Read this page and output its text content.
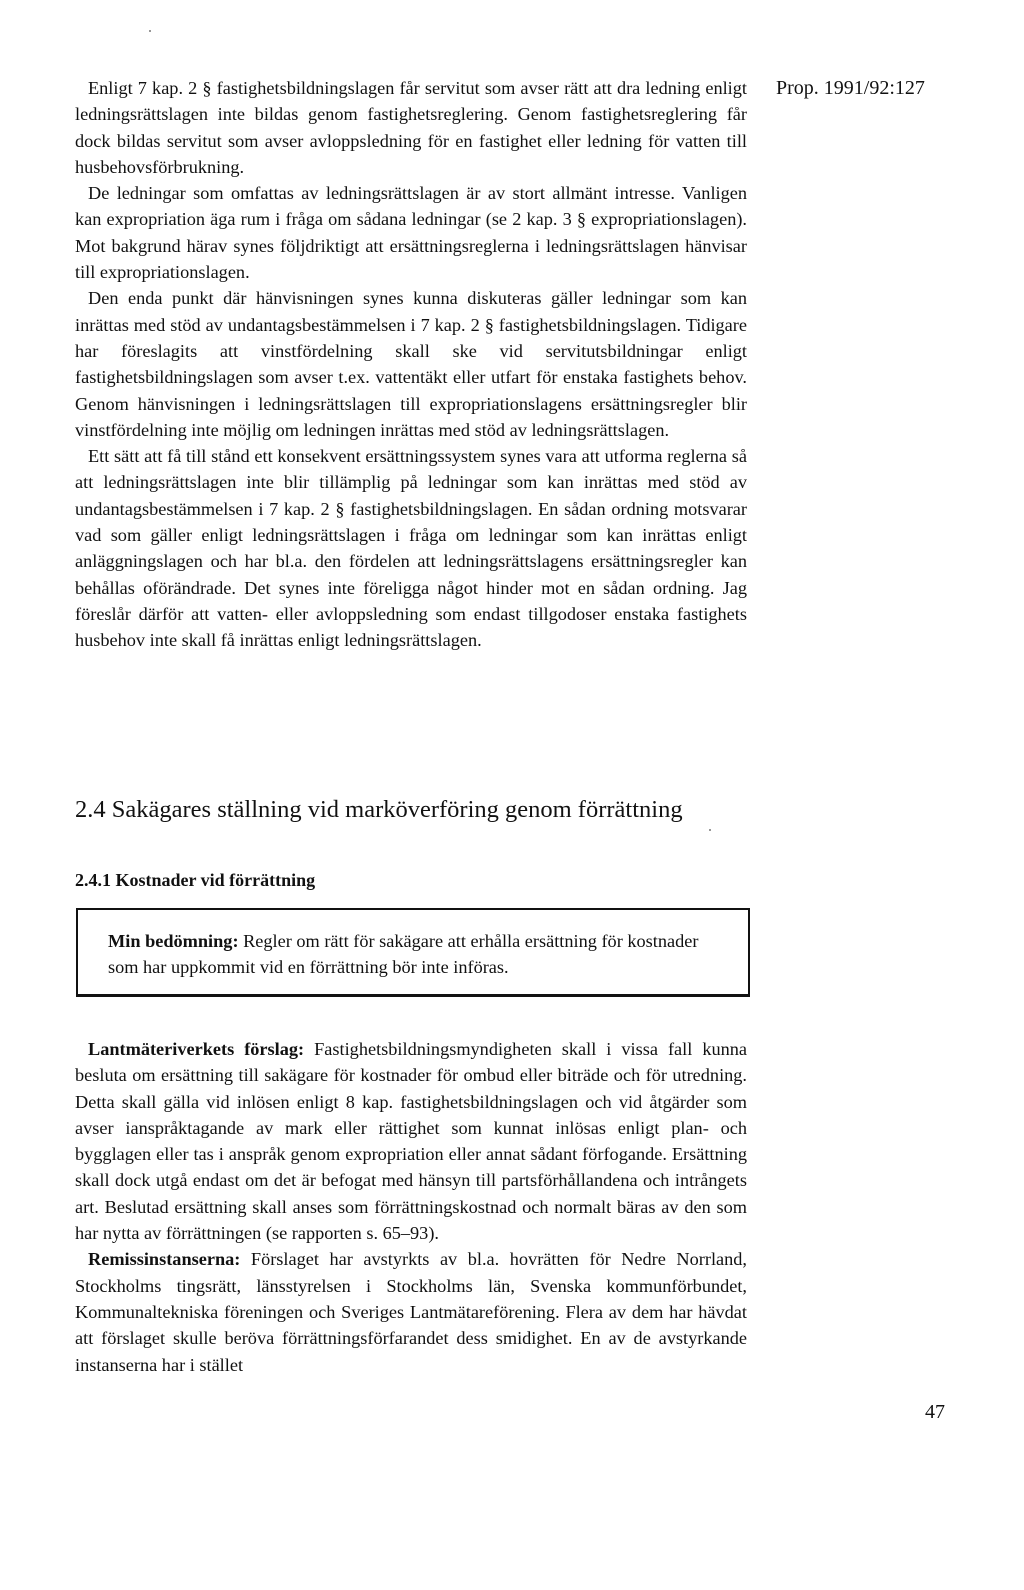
Prop. 1991/92:127

Enligt 7 kap. 2 § fastighetsbildningslagen får servitut som avser rätt att dra ledning enligt ledningsrättslagen inte bildas genom fastighetsreglering. Genom fastighetsreglering får dock bildas servitut som avser avloppsledning för en fastighet eller ledning för vatten till husbehovsförbrukning.

De ledningar som omfattas av ledningsrättslagen är av stort allmänt intresse. Vanligen kan expropriation äga rum i fråga om sådana ledningar (se 2 kap. 3 § expropriationslagen). Mot bakgrund härav synes följdriktigt att ersättningsreglerna i ledningsrättslagen hänvisar till expropriationslagen.

Den enda punkt där hänvisningen synes kunna diskuteras gäller ledningar som kan inrättas med stöd av undantagsbestämmelsen i 7 kap. 2 § fastighetsbildningslagen. Tidigare har föreslagits att vinstfördelning skall ske vid servitutsbildningar enligt fastighetsbildningslagen som avser t.ex. vattentäkt eller utfart för enstaka fastighets behov. Genom hänvisningen i ledningsrättslagen till expropriationslagens ersättningsregler blir vinstfördelning inte möjlig om ledningen inrättas med stöd av ledningsrättslagen.

Ett sätt att få till stånd ett konsekvent ersättningssystem synes vara att utforma reglerna så att ledningsrättslagen inte blir tillämplig på ledningar som kan inrättas med stöd av undantagsbestämmelsen i 7 kap. 2 § fastighetsbildningslagen. En sådan ordning motsvarar vad som gäller enligt ledningsrättslagen i fråga om ledningar som kan inrättas enligt anläggningslagen och har bl.a. den fördelen att ledningsrättslagens ersättningsregler kan behållas oförändrade. Det synes inte föreligga något hinder mot en sådan ordning. Jag föreslår därför att vatten- eller avloppsledning som endast tillgodoser enstaka fastighets husbehov inte skall få inrättas enligt ledningsrättslagen.

2.4 Sakägares ställning vid marköverföring genom förrättning
2.4.1 Kostnader vid förrättning

Min bedömning: Regler om rätt för sakägare att erhålla ersättning för kostnader som har uppkommit vid en förrättning bör inte införas.

Lantmäteriverkets förslag: Fastighetsbildningsmyndigheten skall i vissa fall kunna besluta om ersättning till sakägare för kostnader för ombud eller biträde och för utredning. Detta skall gälla vid inlösen enligt 8 kap. fastighetsbildningslagen och vid åtgärder som avser ianspråktagande av mark eller rättighet som kunnat inlösas enligt plan- och bygglagen eller tas i anspråk genom expropriation eller annat sådant förfogande. Ersättning skall dock utgå endast om det är befogat med hänsyn till partsförhållandena och intrångets art. Beslutad ersättning skall anses som förrättningskostnad och normalt bäras av den som har nytta av förrättningen (se rapporten s. 65–93).

Remissinstanserna: Förslaget har avstyrkts av bl.a. hovrätten för Nedre Norrland, Stockholms tingsrätt, länsstyrelsen i Stockholms län, Svenska kommunförbundet, Kommunaltekniska föreningen och Sveriges Lantmätareförening. Flera av dem har hävdat att förslaget skulle beröva förrättningsförfarandet dess smidighet. En av de avstyrkande instanserna har i stället

47
